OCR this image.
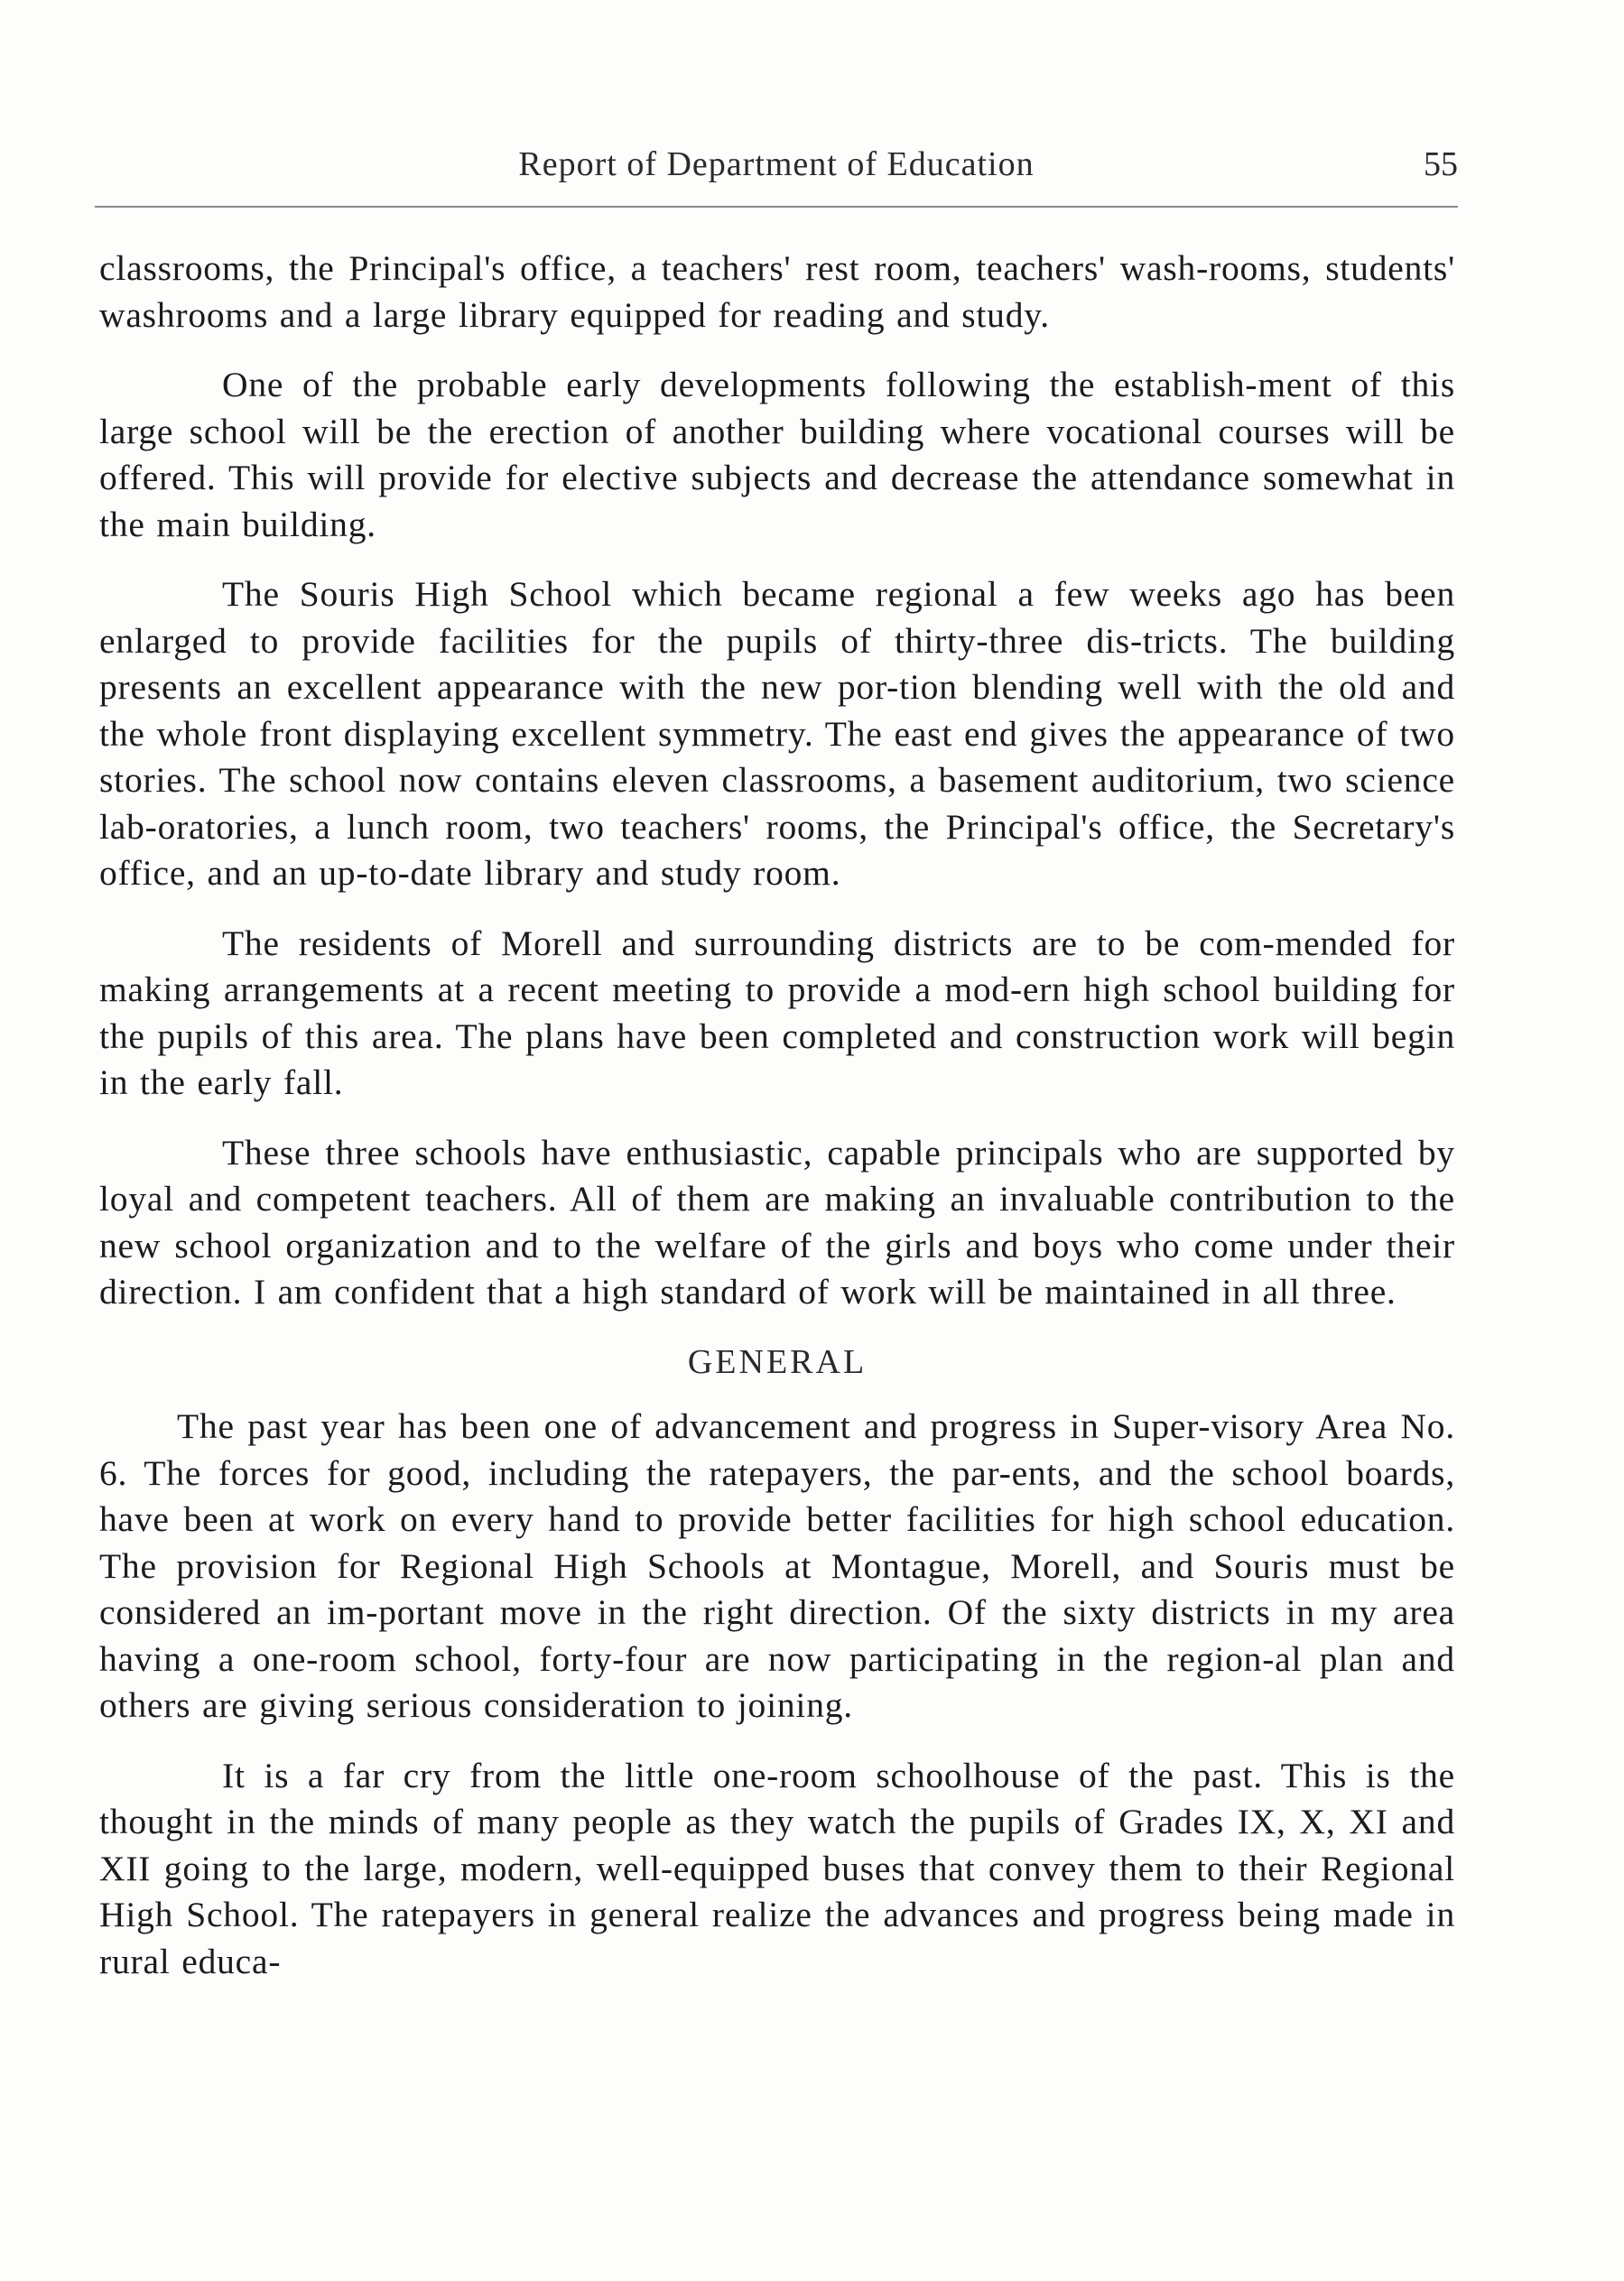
Report of Department of Education	55

classrooms, the Principal's office, a teachers' rest room, teachers' wash-rooms, students' washrooms and a large library equipped for reading and study.

One of the probable early developments following the establish-ment of this large school will be the erection of another building where vocational courses will be offered. This will provide for elective subjects and decrease the attendance somewhat in the main building.

The Souris High School which became regional a few weeks ago has been enlarged to provide facilities for the pupils of thirty-three dis-tricts. The building presents an excellent appearance with the new por-tion blending well with the old and the whole front displaying excellent symmetry. The east end gives the appearance of two stories. The school now contains eleven classrooms, a basement auditorium, two science lab-oratories, a lunch room, two teachers' rooms, the Principal's office, the Secretary's office, and an up-to-date library and study room.

The residents of Morell and surrounding districts are to be com-mended for making arrangements at a recent meeting to provide a mod-ern high school building for the pupils of this area. The plans have been completed and construction work will begin in the early fall.

These three schools have enthusiastic, capable principals who are supported by loyal and competent teachers. All of them are making an invaluable contribution to the new school organization and to the welfare of the girls and boys who come under their direction. I am confident that a high standard of work will be maintained in all three.

GENERAL

The past year has been one of advancement and progress in Super-visory Area No. 6. The forces for good, including the ratepayers, the par-ents, and the school boards, have been at work on every hand to provide better facilities for high school education. The provision for Regional High Schools at Montague, Morell, and Souris must be considered an im-portant move in the right direction. Of the sixty districts in my area having a one-room school, forty-four are now participating in the region-al plan and others are giving serious consideration to joining.

It is a far cry from the little one-room schoolhouse of the past. This is the thought in the minds of many people as they watch the pupils of Grades IX, X, XI and XII going to the large, modern, well-equipped buses that convey them to their Regional High School. The ratepayers in general realize the advances and progress being made in rural educa-
